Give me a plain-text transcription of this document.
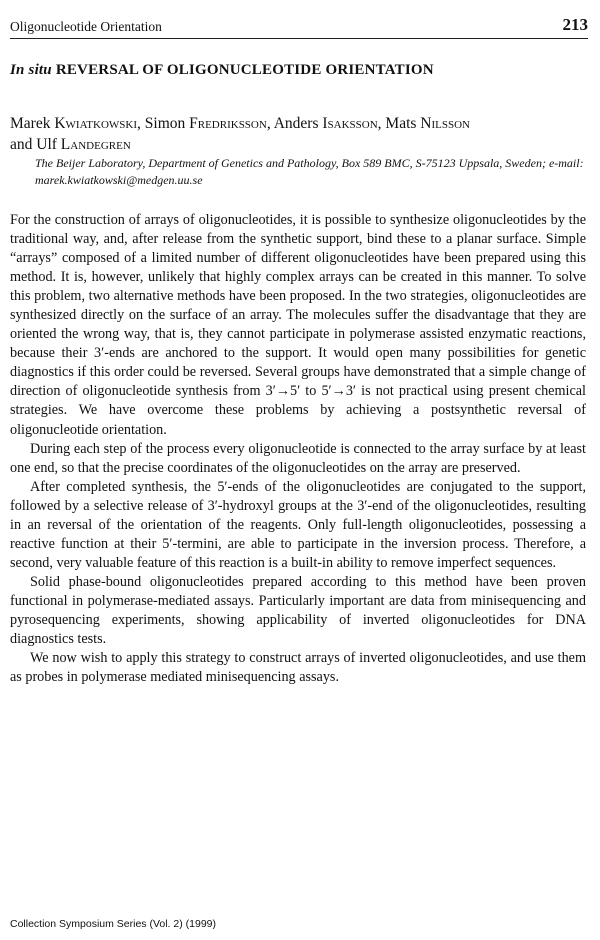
Oligonucleotide Orientation	213
In situ REVERSAL OF OLIGONUCLEOTIDE ORIENTATION
Marek Kwiatkowski, Simon Fredriksson, Anders Isaksson, Mats Nilsson
and Ulf Landegren
The Beijer Laboratory, Department of Genetics and Pathology, Box 589 BMC, S-75123 Uppsala, Sweden; e-mail: marek.kwiatkowski@medgen.uu.se

For the construction of arrays of oligonucleotides, it is possible to synthesize oligonucleotides by the traditional way, and, after release from the synthetic support, bind these to a planar surface. Simple “arrays” composed of a limited number of different oligonucleotides have been prepared using this method. It is, however, unlikely that highly complex arrays can be created in this manner. To solve this problem, two alternative methods have been proposed. In the two strategies, oligonucleotides are synthesized directly on the surface of an array. The molecules suffer the disadvantage that they are oriented the wrong way, that is, they cannot participate in polymerase assisted enzymatic reactions, because their 3′-ends are anchored to the support. It would open many possibilities for genetic diagnostics if this order could be reversed. Several groups have demonstrated that a simple change of direction of oligonucleotide synthesis from 3′→5′ to 5′→3′ is not practical using present chemical strategies. We have overcome these problems by achieving a postsynthetic reversal of oligonucleotide orientation.

During each step of the process every oligonucleotide is connected to the array surface by at least one end, so that the precise coordinates of the oligonucleotides on the array are preserved.

After completed synthesis, the 5′-ends of the oligonucleotides are conjugated to the support, followed by a selective release of 3′-hydroxyl groups at the 3′-end of the oligonucleotides, resulting in an reversal of the orientation of the reagents. Only full-length oligonucleotides, possessing a reactive function at their 5′-termini, are able to participate in the inversion process. Therefore, a second, very valuable feature of this reaction is a built-in ability to remove imperfect sequences.

Solid phase-bound oligonucleotides prepared according to this method have been proven functional in polymerase-mediated assays. Particularly important are data from minisequencing and pyrosequencing experiments, showing applicability of inverted oligonucleotides for DNA diagnostics tests.

We now wish to apply this strategy to construct arrays of inverted oligonucleotides, and use them as probes in polymerase mediated minisequencing assays.

Collection Symposium Series (Vol. 2) (1999)
